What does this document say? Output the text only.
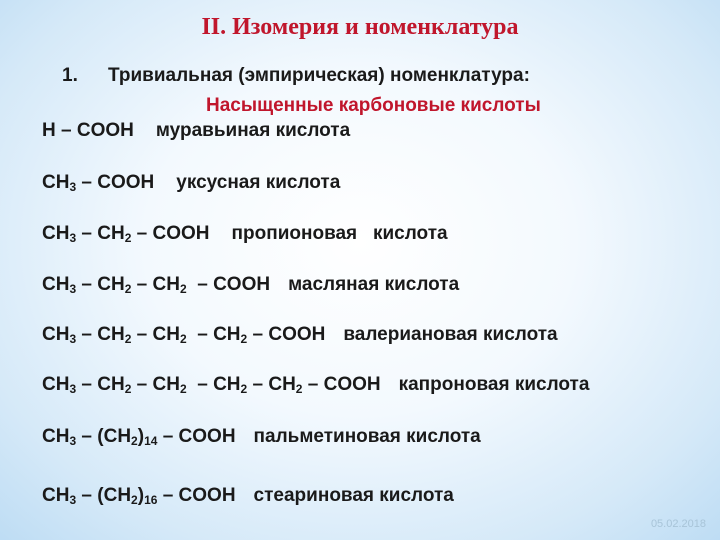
II. Изомерия и номенклатура
1. Тривиальная (эмпирическая) номенклатура:
Насыщенные карбоновые кислоты
H – COOH муравьиная кислота
$CH_3$ – COOH уксусная кислота
$CH_3 - CH_2$ – COOH пропионовая   кислота
$CH_3 - CH_2 - CH_2$  – COOH масляная кислота
$CH_3 - CH_2 - CH_2 - CH_2$ – COOH валериановая кислота
$CH_3 - CH_2 - CH_2 - CH_2 - CH_2$ – COOH капроновая кислота
$CH_3 - (CH_2)_{14}$ – COOH пальметиновая кислота
$CH_3 - (CH_2)_{16}$ – COOH стеариновая кислота
05.02.2018
